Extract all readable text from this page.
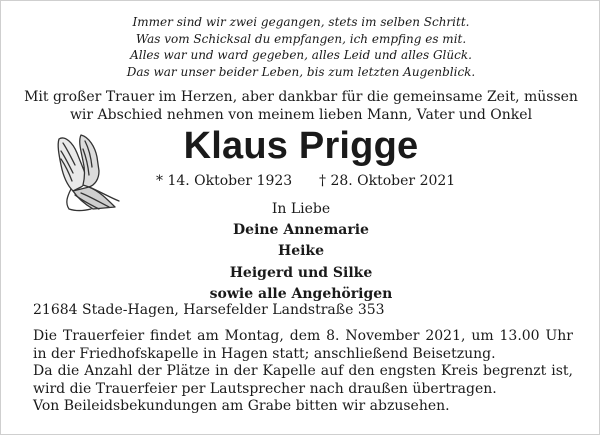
Immer sind wir zwei gegangen, stets im selben Schritt.
Was vom Schicksal du empfangen, ich empfing es mit.
Alles war und ward gegeben, alles Leid und alles Glück.
Das war unser beider Leben, bis zum letzten Augenblick.
Mit großer Trauer im Herzen, aber dankbar für die gemeinsame Zeit, müssen
wir Abschied nehmen von meinem lieben Mann, Vater und Onkel
Klaus Prigge
* 14. Oktober 1923 † 28. Oktober 2021
In Liebe
Deine Annemarie
Heike
Heigerd und Silke
sowie alle Angehörigen
21684 Stade-Hagen, Harsefelder Landstraße 353
Die Trauerfeier findet am Montag, dem 8. November 2021, um 13.00 Uhr in der Friedhofskapelle in Hagen statt; anschließend Beisetzung.
Da die Anzahl der Plätze in der Kapelle auf den engsten Kreis begrenzt ist, wird die Trauerfeier per Lautsprecher nach draußen übertragen.
Von Beileidsbekundungen am Grabe bitten wir abzusehen.
